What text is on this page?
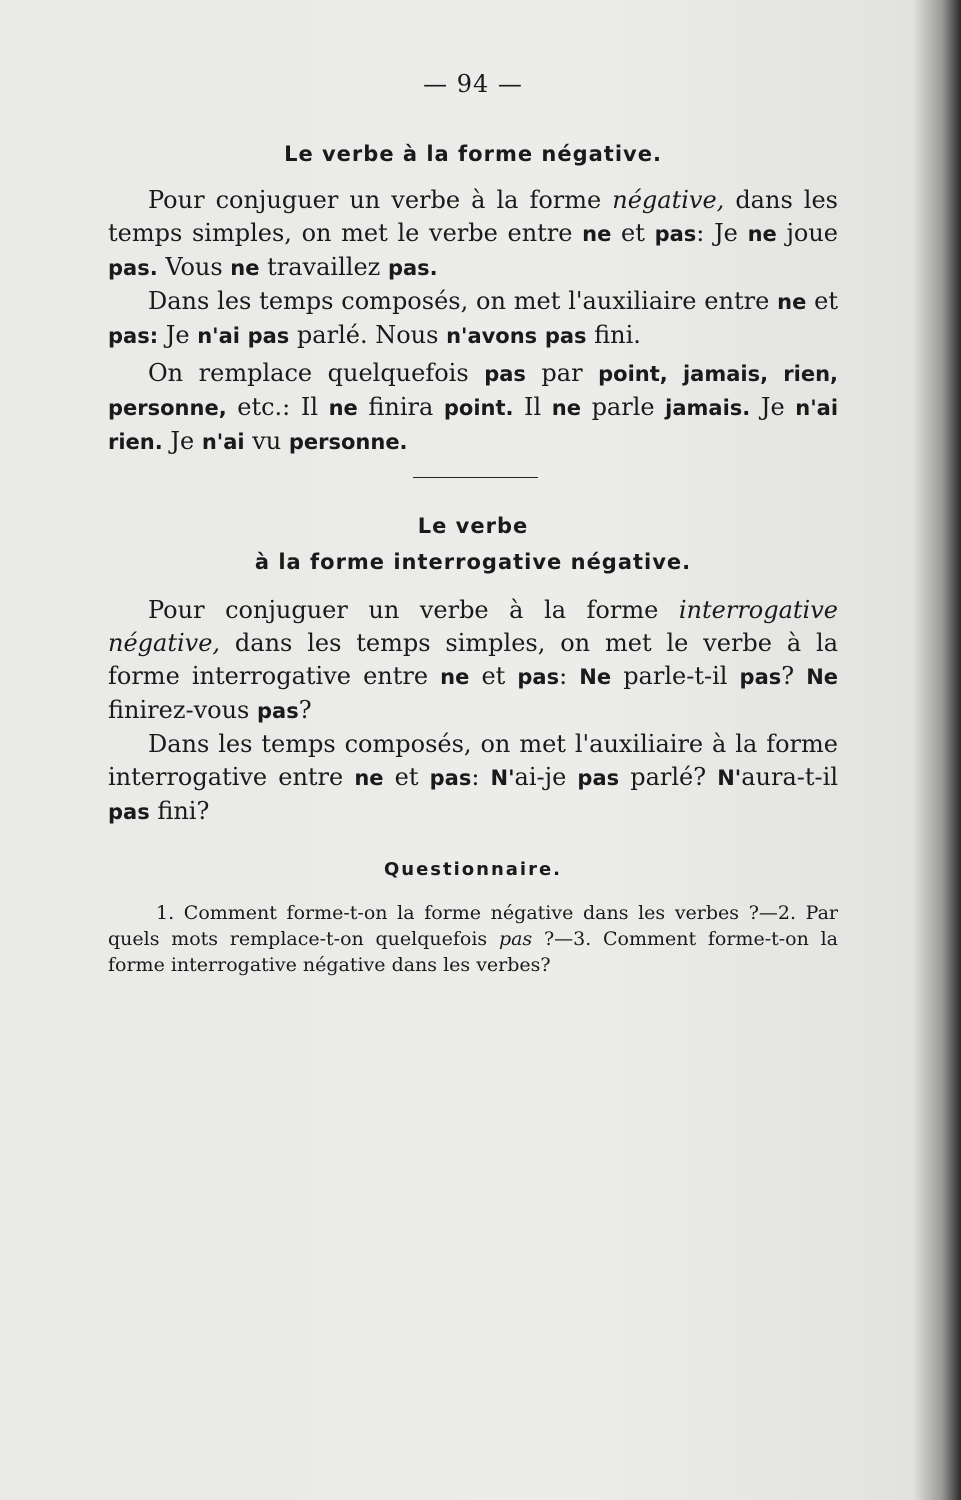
— 94 —
Le verbe à la forme négative.

Pour conjuguer un verbe à la forme négative, dans les temps simples, on met le verbe entre ne et pas: Je ne joue pas. Vous ne travaillez pas.

Dans les temps composés, on met l'auxiliaire entre ne et pas: Je n'ai pas parlé. Nous n'avons pas fini.

On remplace quelquefois pas par point, jamais, rien, personne, etc.: Il ne finira point. Il ne parle jamais. Je n'ai rien. Je n'ai vu personne.

Le verbe
à la forme interrogative négative.

Pour conjuguer un verbe à la forme interrogative négative, dans les temps simples, on met le verbe à la forme interrogative entre ne et pas: Ne parle-t-il pas? Ne finirez-vous pas?

Dans les temps composés, on met l'auxiliaire à la forme interrogative entre ne et pas: N'ai-je pas parlé? N'aura-t-il pas fini?

Questionnaire.

1. Comment forme-t-on la forme négative dans les verbes ?—2. Par quels mots remplace-t-on quelquefois pas ?—3. Comment forme-t-on la forme interrogative négative dans les verbes?
